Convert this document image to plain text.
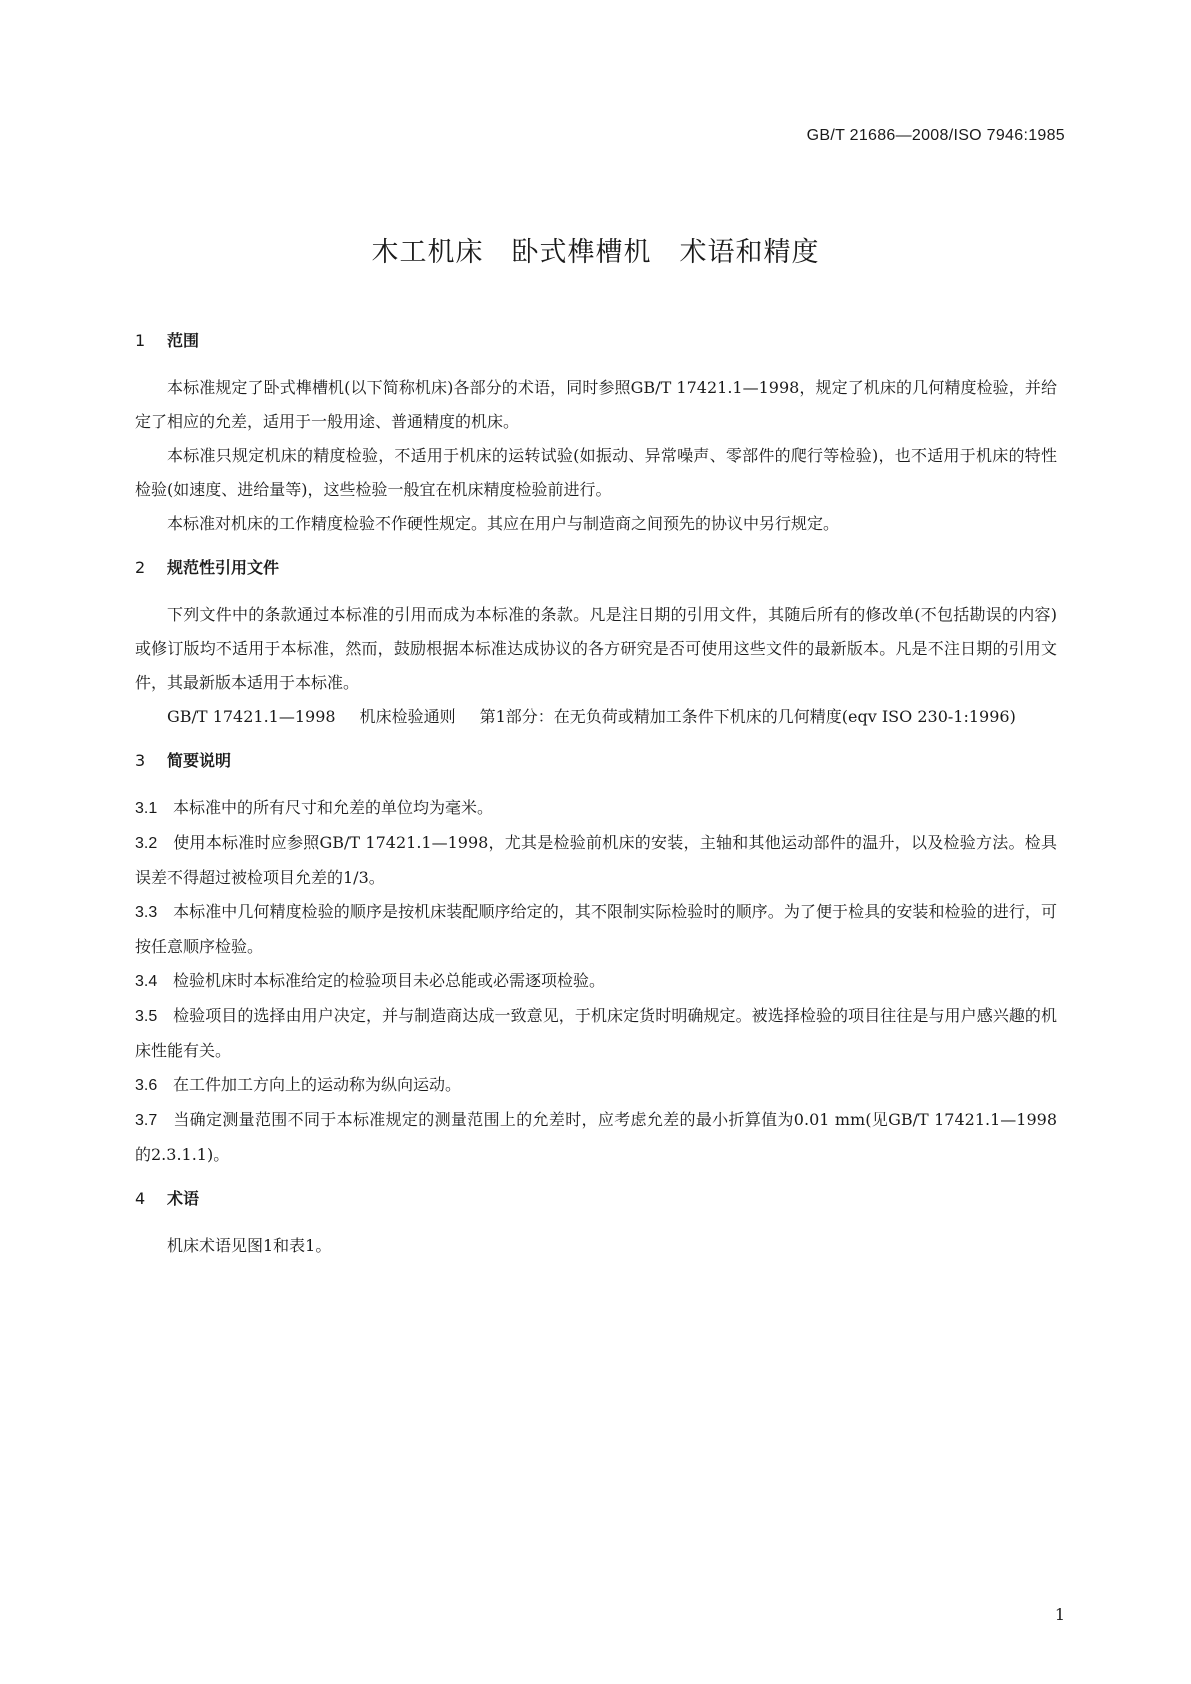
GB/T 21686—2008/ISO 7946:1985
木工机床　卧式榫槽机　术语和精度
1 范围

本标准规定了卧式榫槽机(以下简称机床)各部分的术语，同时参照GB/T 17421.1—1998，规定了机床的几何精度检验，并给定了相应的允差，适用于一般用途、普通精度的机床。

本标准只规定机床的精度检验，不适用于机床的运转试验(如振动、异常噪声、零部件的爬行等检验)，也不适用于机床的特性检验(如速度、进给量等)，这些检验一般宜在机床精度检验前进行。

本标准对机床的工作精度检验不作硬性规定。其应在用户与制造商之间预先的协议中另行规定。

2 规范性引用文件

下列文件中的条款通过本标准的引用而成为本标准的条款。凡是注日期的引用文件，其随后所有的修改单(不包括勘误的内容)或修订版均不适用于本标准，然而，鼓励根据本标准达成协议的各方研究是否可使用这些文件的最新版本。凡是不注日期的引用文件，其最新版本适用于本标准。

GB/T 17421.1—1998 机床检验通则 第1部分：在无负荷或精加工条件下机床的几何精度(eqv ISO 230-1:1996)

3 简要说明

3.1 本标准中的所有尺寸和允差的单位均为毫米。

3.2 使用本标准时应参照GB/T 17421.1—1998，尤其是检验前机床的安装，主轴和其他运动部件的温升，以及检验方法。检具误差不得超过被检项目允差的1/3。

3.3 本标准中几何精度检验的顺序是按机床装配顺序给定的，其不限制实际检验时的顺序。为了便于检具的安装和检验的进行，可按任意顺序检验。

3.4 检验机床时本标准给定的检验项目未必总能或必需逐项检验。

3.5 检验项目的选择由用户决定，并与制造商达成一致意见，于机床定货时明确规定。被选择检验的项目往往是与用户感兴趣的机床性能有关。

3.6 在工件加工方向上的运动称为纵向运动。

3.7 当确定测量范围不同于本标准规定的测量范围上的允差时，应考虑允差的最小折算值为0.01 mm(见GB/T 17421.1—1998的2.3.1.1)。

4 术语

机床术语见图1和表1。

1
